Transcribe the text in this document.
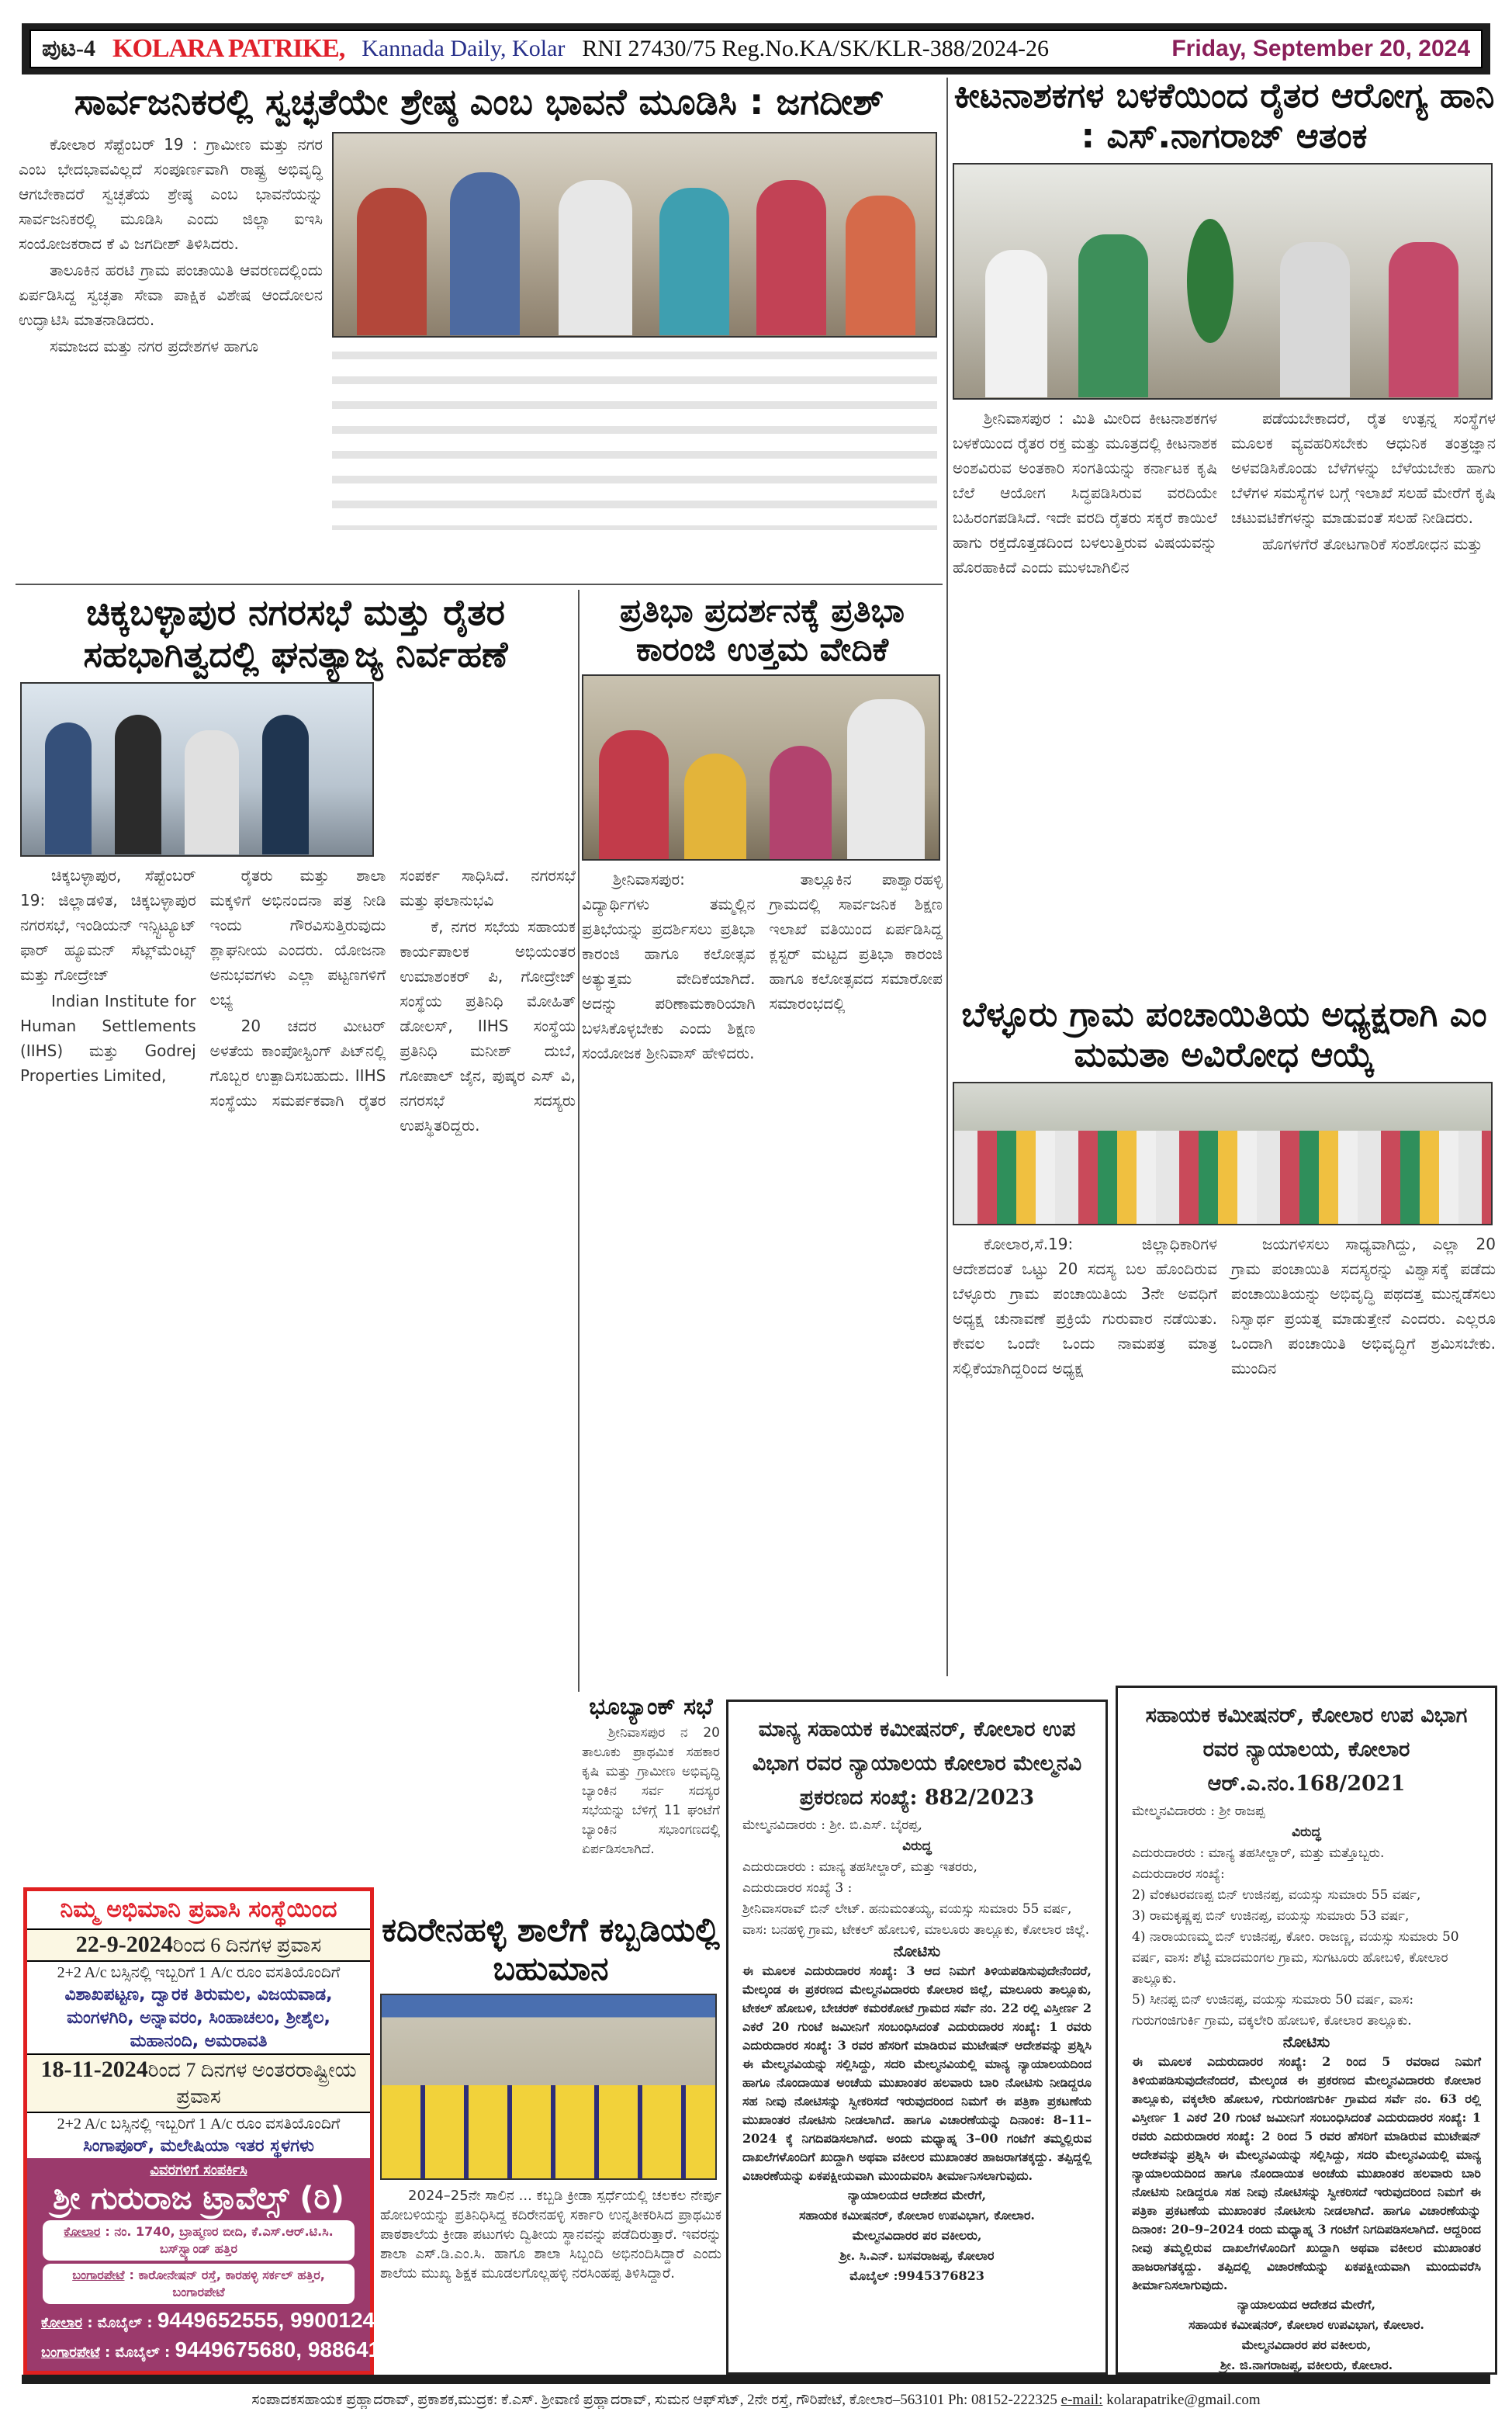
ಪುಟ-4 KOLARA PATRIKE, Kannada Daily, Kolar RNI 27430/75 Reg.No.KA/SK/KLR-388/2024-26	Friday, September 20, 2024
ಸಾರ್ವಜನಿಕರಲ್ಲಿ ಸ್ವಚ್ಛತೆಯೇ ಶ್ರೇಷ್ಠ ಎಂಬ ಭಾವನೆ ಮೂಡಿಸಿ : ಜಗದೀಶ್

ಕೋಲಾರ ಸೆಪ್ಟೆಂಬರ್ 19 : ಗ್ರಾಮೀಣ ಮತ್ತು ನಗರ ಎಂಬ ಭೇದಭಾವವಿಲ್ಲದೆ ಸಂಪೂರ್ಣವಾಗಿ ರಾಷ್ಟ್ರ ಅಭಿವೃದ್ಧಿ ಆಗಬೇಕಾದರೆ ಸ್ವಚ್ಛತೆಯ ಶ್ರೇಷ್ಠ ಎಂಬ ಭಾವನೆಯನ್ನು ಸಾರ್ವಜನಿಕರಲ್ಲಿ ಮೂಡಿಸಿ ಎಂದು ಜಿಲ್ಲಾ ಐಇಸಿ ಸಂಯೋಜಕರಾದ ಕೆ ವಿ ಜಗದೀಶ್ ತಿಳಿಸಿದರು.

ತಾಲೂಕಿನ ಹರಟಿ ಗ್ರಾಮ ಪಂಚಾಯಿತಿ ಆವರಣದಲ್ಲಿಂದು ಏರ್ಪಡಿಸಿದ್ದ ಸ್ವಚ್ಛತಾ ಸೇವಾ ಪಾಕ್ಷಿಕ ವಿಶೇಷ ಆಂದೋಲನ ಉದ್ಘಾಟಿಸಿ ಮಾತನಾಡಿದರು.

ಸಮಾಜದ ಮತ್ತು ನಗರ ಪ್ರದೇಶಗಳ ಹಾಗೂ

ಕೀಟನಾಶಕಗಳ ಬಳಕೆಯಿಂದ ರೈತರ ಆರೋಗ್ಯ ಹಾನಿ : ಎಸ್.ನಾಗರಾಜ್ ಆತಂಕ

ಶ್ರೀನಿವಾಸಪುರ : ಮಿತಿ ಮೀರಿದ ಕೀಟನಾಶಕಗಳ ಬಳಕೆಯಿಂದ ರೈತರ ರಕ್ತ ಮತ್ತು ಮೂತ್ರದಲ್ಲಿ ಕೀಟನಾಶಕ ಅಂಶವಿರುವ ಅಂತಕಾರಿ ಸಂಗತಿಯನ್ನು ಕರ್ನಾಟಕ ಕೃಷಿ ಬೆಲೆ ಆಯೋಗ ಸಿದ್ಧಪಡಿಸಿರುವ ವರದಿಯೇ ಬಹಿರಂಗಪಡಿಸಿದೆ. ಇದೇ ವರದಿ ರೈತರು ಸಕ್ಕರೆ ಕಾಯಿಲೆ ಹಾಗು ರಕ್ತದೊತ್ತಡದಿಂದ ಬಳಲುತ್ತಿರುವ ವಿಷಯವನ್ನು ಹೊರಹಾಕಿದೆ ಎಂದು ಮುಳಬಾಗಿಲಿನ

ಪಡೆಯಬೇಕಾದರೆ, ರೈತ ಉತ್ಪನ್ನ ಸಂಸ್ಥೆಗಳ ಮೂಲಕ ವ್ಯವಹರಿಸಬೇಕು ಆಧುನಿಕ ತಂತ್ರಜ್ಞಾನ ಅಳವಡಿಸಿಕೊಂಡು ಬೆಳೆಗಳನ್ನು ಬೆಳೆಯಬೇಕು ಹಾಗು ಬೆಳೆಗಳ ಸಮಸ್ಯೆಗಳ ಬಗ್ಗೆ ಇಲಾಖೆ ಸಲಹೆ ಮೇರೆಗೆ ಕೃಷಿ ಚಟುವಟಿಕೆಗಳನ್ನು ಮಾಡುವಂತೆ ಸಲಹೆ ನೀಡಿದರು.

ಹೊಗಳಗೆರೆ ತೋಟಗಾರಿಕೆ ಸಂಶೋಧನ ಮತ್ತು

ಚಿಕ್ಕಬಳ್ಳಾಪುರ ನಗರಸಭೆ ಮತ್ತು ರೈತರ ಸಹಭಾಗಿತ್ವದಲ್ಲಿ ಘನತ್ಯಾಜ್ಯ ನಿರ್ವಹಣೆ

ಚಿಕ್ಕಬಳ್ಳಾಪುರ, ಸೆಪ್ಟೆಂಬರ್ 19: ಜಿಲ್ಲಾಡಳಿತ, ಚಿಕ್ಕಬಳ್ಳಾಪುರ ನಗರಸಭೆ, ಇಂಡಿಯನ್ ಇನ್ಸ್ಟಿಟ್ಯೂಟ್ ಫಾರ್ ಹ್ಯೂಮನ್ ಸೆಟ್ಲ್‌ಮೆಂಟ್ಸ್ ಮತ್ತು ಗೋದ್ರೇಜ್

Indian Institute for Human Settlements (IIHS) ಮತ್ತು Godrej Properties Limited,

ರೈತರು ಮತ್ತು ಶಾಲಾ ಮಕ್ಕಳಿಗೆ ಅಭಿನಂದನಾ ಪತ್ರ ನೀಡಿ ಇಂದು ಗೌರವಿಸುತ್ತಿರುವುದು ಶ್ಲಾಘನೀಯ ಎಂದರು. ಯೋಜನಾ ಅನುಭವಗಳು ಎಲ್ಲಾ ಪಟ್ಟಣಗಳಿಗೆ ಲಭ್ಯ

20 ಚದರ ಮೀಟರ್ ಅಳತೆಯ ಕಾಂಪೋಸ್ಟಿಂಗ್ ಪಿಟ್‌ನಲ್ಲಿ ಗೊಬ್ಬರ ಉತ್ಪಾದಿಸಬಹುದು. IIHS ಸಂಸ್ಥೆಯು ಸಮರ್ಪಕವಾಗಿ ರೈತರ ಸಂಪರ್ಕ ಸಾಧಿಸಿದೆ. ನಗರಸಭೆ ಮತ್ತು ಫಲಾನುಭವಿ

ಕೆ, ನಗರ ಸಭೆಯ ಸಹಾಯಕ ಕಾರ್ಯಪಾಲಕ ಅಭಿಯಂತರ ಉಮಾಶಂಕರ್ ಪಿ, ಗೋದ್ರೇಜ್ ಸಂಸ್ಥೆಯ ಪ್ರತಿನಿಧಿ ಮೋಹಿತ್ ಡೋಲಸ್, IIHS ಸಂಸ್ಥೆಯ ಪ್ರತಿನಿಧಿ ಮನೀಶ್ ದುಬೆ, ಗೋಪಾಲ್ ಜೈನ, ಪುಷ್ಕರ ಎಸ್ ವಿ, ನಗರಸಭೆ ಸದಸ್ಯರು ಉಪಸ್ಥಿತರಿದ್ದರು.

ಪ್ರತಿಭಾ ಪ್ರದರ್ಶನಕ್ಕೆ ಪ್ರತಿಭಾ ಕಾರಂಜಿ ಉತ್ತಮ ವೇದಿಕೆ

ಶ್ರೀನಿವಾಸಪುರ: ವಿದ್ಯಾರ್ಥಿಗಳು ತಮ್ಮಲ್ಲಿನ ಪ್ರತಿಭೆಯನ್ನು ಪ್ರದರ್ಶಿಸಲು ಪ್ರತಿಭಾ ಕಾರಂಜಿ ಹಾಗೂ ಕಲೋತ್ಸವ ಅತ್ಯುತ್ತಮ ವೇದಿಕೆಯಾಗಿದೆ. ಅದನ್ನು ಪರಿಣಾಮಕಾರಿಯಾಗಿ ಬಳಸಿಕೊಳ್ಳಬೇಕು ಎಂದು ಶಿಕ್ಷಣ ಸಂಯೋಜಕ ಶ್ರೀನಿವಾಸ್ ಹೇಳಿದರು.

ತಾಲ್ಲೂಕಿನ ಪಾಶ್ವಾರಹಳ್ಳಿ ಗ್ರಾಮದಲ್ಲಿ ಸಾರ್ವಜನಿಕ ಶಿಕ್ಷಣ ಇಲಾಖೆ ವತಿಯಿಂದ ಏರ್ಪಡಿಸಿದ್ದ ಕ್ಲಸ್ಟರ್ ಮಟ್ಟದ ಪ್ರತಿಭಾ ಕಾರಂಜಿ ಹಾಗೂ ಕಲೋತ್ಸವದ ಸಮಾರೋಪ ಸಮಾರಂಭದಲ್ಲಿ	ಬೆಳ್ಳೂರು ಗ್ರಾಮ ಪಂಚಾಯಿತಿಯ ಅಧ್ಯಕ್ಷರಾಗಿ ಎಂ ಮಮತಾ ಅವಿರೋಧ ಆಯ್ಕೆ

ಕೋಲಾರ,ಸೆ.19: ಜಿಲ್ಲಾಧಿಕಾರಿಗಳ ಆದೇಶದಂತೆ ಒಟ್ಟು 20 ಸದಸ್ಯ ಬಲ ಹೊಂದಿರುವ ಬೆಳ್ಳೂರು ಗ್ರಾಮ ಪಂಚಾಯಿತಿಯ 3ನೇ ಅವಧಿಗೆ ಅಧ್ಯಕ್ಷ ಚುನಾವಣೆ ಪ್ರಕ್ರಿಯೆ ಗುರುವಾರ ನಡೆಯಿತು. ಕೇವಲ ಒಂದೇ ಒಂದು ನಾಮಪತ್ರ ಮಾತ್ರ ಸಲ್ಲಿಕೆಯಾಗಿದ್ದರಿಂದ ಅಧ್ಯಕ್ಷ

ಜಯಗಳಿಸಲು ಸಾಧ್ಯವಾಗಿದ್ದು, ಎಲ್ಲಾ 20 ಗ್ರಾಮ ಪಂಚಾಯಿತಿ ಸದಸ್ಯರನ್ನು ವಿಶ್ವಾಸಕ್ಕೆ ಪಡೆದು ಪಂಚಾಯಿತಿಯನ್ನು ಅಭಿವೃದ್ಧಿ ಪಥದತ್ತ ಮುನ್ನಡೆಸಲು ನಿಸ್ವಾರ್ಥ ಪ್ರಯತ್ನ ಮಾಡುತ್ತೇನೆ ಎಂದರು. ಎಲ್ಲರೂ ಒಂದಾಗಿ ಪಂಚಾಯಿತಿ ಅಭಿವೃದ್ಧಿಗೆ ಶ್ರಮಿಸಬೇಕು. ಮುಂದಿನ

ಭೂಬ್ಯಾಂಕ್ ಸಭೆ

ಶ್ರೀನಿವಾಸಪುರ ನ 20 ತಾಲೂಕು ಪ್ರಾಥಮಿಕ ಸಹಕಾರ ಕೃಷಿ ಮತ್ತು ಗ್ರಾಮೀಣ ಅಭಿವೃದ್ಧಿ ಬ್ಯಾಂಕಿನ ಸರ್ವ ಸದಸ್ಯರ ಸಭೆಯನ್ನು ಬೆಳಿಗ್ಗೆ 11 ಘಂಟೆಗೆ ಬ್ಯಾಂಕಿನ ಸಭಾಂಗಣದಲ್ಲಿ ಏರ್ಪಡಿಸಲಾಗಿದೆ.

ನಿಮ್ಮ ಅಭಿಮಾನಿ ಪ್ರವಾಸಿ ಸಂಸ್ಥೆಯಿಂದ
22-9-2024ರಿಂದ 6 ದಿನಗಳ ಪ್ರವಾಸ
2+2 A/c ಬಸ್ಸಿನಲ್ಲಿ ಇಬ್ಬರಿಗೆ 1 A/c ರೂಂ ವಸತಿಯೊಂದಿಗೆ
ವಿಶಾಖಪಟ್ಟಣ, ದ್ವಾರಕ ತಿರುಮಲ, ವಿಜಯವಾಡ, ಮಂಗಳಗಿರಿ, ಅನ್ನಾವರಂ, ಸಿಂಹಾಚಲಂ, ಶ್ರೀಶೈಲ, ಮಹಾನಂದಿ, ಅಮರಾವತಿ
18-11-2024ರಿಂದ 7 ದಿನಗಳ ಅಂತರರಾಷ್ಟ್ರೀಯ ಪ್ರವಾಸ
2+2 A/c ಬಸ್ಸಿನಲ್ಲಿ ಇಬ್ಬರಿಗೆ 1 A/c ರೂಂ ವಸತಿಯೊಂದಿಗೆ
ಸಿಂಗಾಪೂರ್, ಮಲೇಷಿಯಾ ಇತರ ಸ್ಥಳಗಳು
ವಿವರಗಳಿಗೆ ಸಂಪರ್ಕಿಸಿ
ಶ್ರೀ ಗುರುರಾಜ ಟ್ರಾವೆಲ್ಸ್ (ರಿ)
ಕೋಲಾರ : ನಂ. 1740, ಬ್ರಾಹ್ಮಣರ ಬೀದಿ, ಕೆ.ಎಸ್.ಆರ್.ಟಿ.ಸಿ. ಬಸ್‌ಸ್ಟ್ಯಾಂಡ್ ಹತ್ತಿರ
ಬಂಗಾರಪೇಟೆ : ಕಾರೋನೇಷನ್ ರಸ್ತೆ, ಕಾರಹಳ್ಳಿ ಸರ್ಕಲ್ ಹತ್ತಿರ, ಬಂಗಾರಪೇಟೆ
ಕೋಲಾರ : ಮೊಬೈಲ್ : 9449652555, 9900124333
ಬಂಗಾರಪೇಟೆ : ಮೊಬೈಲ್ : 9449675680, 9886419866
ಕದಿರೇನಹಳ್ಳಿ ಶಾಲೆಗೆ ಕಬ್ಬಡಿಯಲ್ಲಿ ಬಹುಮಾನ

2024–25ನೇ ಸಾಲಿನ ... ಕಬ್ಬಡಿ ಕ್ರೀಡಾ ಸ್ಪರ್ಧೆಯಲ್ಲಿ ಚಲಕಲ ನೇರ್ಪು ಹೋಬಳಿಯನ್ನು ಪ್ರತಿನಿಧಿಸಿದ್ದ ಕದಿರೇನಹಳ್ಳಿ ಸರ್ಕಾರಿ ಉನ್ನತೀಕರಿಸಿದ ಪ್ರಾಥಮಿಕ ಪಾಠಶಾಲೆಯ ಕ್ರೀಡಾ ಪಟುಗಳು ದ್ವಿತೀಯ ಸ್ಥಾನವನ್ನು ಪಡೆದಿರುತ್ತಾರೆ. ಇವರನ್ನು ಶಾಲಾ ಎಸ್.ಡಿ.ಎಂ.ಸಿ. ಹಾಗೂ ಶಾಲಾ ಸಿಬ್ಬಂದಿ ಅಭಿನಂದಿಸಿದ್ದಾರೆ ಎಂದು ಶಾಲೆಯ ಮುಖ್ಯ ಶಿಕ್ಷಕ ಮೂಡಲಗೊಲ್ಲಹಳ್ಳಿ ನರಸಿಂಹಪ್ಪ ತಿಳಿಸಿದ್ದಾರೆ.

ಮಾನ್ಯ ಸಹಾಯಕ ಕಮೀಷನರ್, ಕೋಲಾರ ಉಪ ವಿಭಾಗ ರವರ ನ್ಯಾಯಾಲಯ ಕೋಲಾರ ಮೇಲ್ಮನವಿ ಪ್ರಕರಣದ ಸಂಖ್ಯೆ: 882/2023
ಮೇಲ್ಮನವಿದಾರರು : ಶ್ರೀ. ಬಿ.ಎಸ್. ಬೈರಪ್ಪ,
ವಿರುದ್ಧ
ಎದುರುದಾರರು : ಮಾನ್ಯ ತಹಸೀಲ್ದಾರ್, ಮತ್ತು ಇತರರು,
ಎದುರುದಾರರ ಸಂಖ್ಯೆ 3 :
ಶ್ರೀನಿವಾಸರಾವ್ ಬಿನ್ ಲೇಟ್. ಹನುಮಂತಯ್ಯ, ವಯಸ್ಸು ಸುಮಾರು 55 ವರ್ಷ, ವಾಸ: ಬನಹಳ್ಳಿ ಗ್ರಾಮ, ಟೇಕಲ್ ಹೋಬಳಿ, ಮಾಲೂರು ತಾಲ್ಲೂಕು, ಕೋಲಾರ ಜಿಲ್ಲೆ.
ನೋಟಿಸು
ಈ ಮೂಲಕ ಎದುರುದಾರರ ಸಂಖ್ಯೆ: 3 ಆದ ನಿಮಗೆ ತಿಳಿಯಪಡಿಸುವುದೇನೆಂದರೆ, ಮೇಲ್ಕಂಡ ಈ ಪ್ರಕರಣದ ಮೇಲ್ಮನವಿದಾರರು ಕೋಲಾರ ಜಿಲ್ಲೆ, ಮಾಲೂರು ತಾಲ್ಲೂಕು, ಟೇಕಲ್ ಹೋಬಳಿ, ಬೇಚರಕ್ ಕಮರಕೋಟೆ ಗ್ರಾಮದ ಸರ್ವೆ ನಂ. 22 ರಲ್ಲಿ ವಿಸ್ತೀರ್ಣ 2 ಎಕರೆ 20 ಗುಂಟೆ ಜಮೀನಿಗೆ ಸಂಬಂಧಿಸಿದಂತೆ ಎದುರುದಾರರ ಸಂಖ್ಯೆ: 1 ರವರು ಎದುರುದಾರರ ಸಂಖ್ಯೆ: 3 ರವರ ಹೆಸರಿಗೆ ಮಾಡಿರುವ ಮುಟೇಷನ್ ಆದೇಶವನ್ನು ಪ್ರಶ್ನಿಸಿ ಈ ಮೇಲ್ಮನವಿಯನ್ನು ಸಲ್ಲಿಸಿದ್ದು, ಸದರಿ ಮೇಲ್ಮನವಿಯಲ್ಲಿ ಮಾನ್ಯ ನ್ಯಾಯಾಲಯದಿಂದ ಹಾಗೂ ನೊಂದಾಯಿತ ಅಂಚೆಯ ಮುಖಾಂತರ ಹಲವಾರು ಬಾರಿ ನೋಟಿಸು ನೀಡಿದ್ದರೂ ಸಹ ನೀವು ನೋಟಿಸನ್ನು ಸ್ವೀಕರಿಸದೆ ಇರುವುದರಿಂದ ನಿಮಗೆ ಈ ಪತ್ರಿಕಾ ಪ್ರಕಟಣೆಯ ಮುಖಾಂತರ ನೋಟಿಸು ನೀಡಲಾಗಿದೆ. ಹಾಗೂ ವಿಚಾರಣೆಯನ್ನು ದಿನಾಂಕ: 8–11–2024 ಕ್ಕೆ ನಿಗದಿಪಡಿಸಲಾಗಿದೆ. ಅಂದು ಮಧ್ಯಾಹ್ನ 3–00 ಗಂಟೆಗೆ ತಮ್ಮಲ್ಲಿರುವ ದಾಖಲೆಗಳೊಂದಿಗೆ ಖುದ್ದಾಗಿ ಅಥವಾ ವಕೀಲರ ಮುಖಾಂತರ ಹಾಜರಾಗತಕ್ಕದ್ದು. ತಪ್ಪಿದ್ದಲ್ಲಿ ವಿಚಾರಣೆಯನ್ನು ಏಕಪಕ್ಷೀಯವಾಗಿ ಮುಂದುವರಿಸಿ ತೀರ್ಮಾನಿಸಲಾಗುವುದು.
ನ್ಯಾಯಾಲಯದ ಆದೇಶದ ಮೇರೆಗೆ,
ಸಹಾಯಕ ಕಮೀಷನರ್, ಕೋಲಾರ ಉಪವಿಭಾಗ, ಕೋಲಾರ.
ಮೇಲ್ಮನವಿದಾರರ ಪರ ವಕೀಲರು,
ಶ್ರೀ. ಸಿ.ಎನ್. ಬಸವರಾಜಪ್ಪ, ಕೋಲಾರ
ಮೊಬೈಲ್ :9945376823
ಸಹಾಯಕ ಕಮೀಷನರ್, ಕೋಲಾರ ಉಪ ವಿಭಾಗ ರವರ ನ್ಯಾಯಾಲಯ, ಕೋಲಾರ ಆರ್.ಎ.ನಂ.168/2021
ಮೇಲ್ಮನವಿದಾರರು : ಶ್ರೀ ರಾಜಪ್ಪ
ವಿರುದ್ಧ
ಎದುರುದಾರರು : ಮಾನ್ಯ ತಹಸೀಲ್ದಾರ್, ಮತ್ತು ಮತ್ತೊಬ್ಬರು.
ಎದುರುದಾರರ ಸಂಖ್ಯೆ:
2) ವೆಂಕಟರವಣಪ್ಪ ಬಿನ್ ಉಜಿನಪ್ಪ, ವಯಸ್ಸು ಸುಮಾರು 55 ವರ್ಷ,
3) ರಾಮಕೃಷ್ಣಪ್ಪ ಬಿನ್ ಉಜಿನಪ್ಪ, ವಯಸ್ಸು ಸುಮಾರು 53 ವರ್ಷ,
4) ನಾರಾಯಣಮ್ಮ ಬಿನ್ ಉಜಿನಪ್ಪ, ಕೋಂ. ರಾಜಣ್ಣ, ವಯಸ್ಸು ಸುಮಾರು 50 ವರ್ಷ, ವಾಸ: ಶೆಟ್ಟಿ ಮಾದಮಂಗಲ ಗ್ರಾಮ, ಸುಗಟೂರು ಹೋಬಳಿ, ಕೋಲಾರ ತಾಲ್ಲೂಕು.
5) ಸೀನಪ್ಪ ಬಿನ್ ಉಜಿನಪ್ಪ, ವಯಸ್ಸು ಸುಮಾರು 50 ವರ್ಷ, ವಾಸ: ಗುರುಗಂಜಿಗುರ್ಕಿ ಗ್ರಾಮ, ವಕ್ಕಲೇರಿ ಹೋಬಳಿ, ಕೋಲಾರ ತಾಲ್ಲೂಕು.
ನೋಟಿಸು
ಈ ಮೂಲಕ ಎದುರುದಾರರ ಸಂಖ್ಯೆ: 2 ರಿಂದ 5 ರವರಾದ ನಿಮಗೆ ತಿಳಿಯಪಡಿಸುವುದೇನೆಂದರೆ, ಮೇಲ್ಕಂಡ ಈ ಪ್ರಕರಣದ ಮೇಲ್ಮನವಿದಾರರು ಕೋಲಾರ ತಾಲ್ಲೂಕು, ವಕ್ಕಲೇರಿ ಹೋಬಳಿ, ಗುರುಗಂಜಿಗುರ್ಕಿ ಗ್ರಾಮದ ಸರ್ವೆ ನಂ. 63 ರಲ್ಲಿ ವಿಸ್ತೀರ್ಣ 1 ಎಕರೆ 20 ಗುಂಟೆ ಜಮೀನಿಗೆ ಸಂಬಂಧಿಸಿದಂತೆ ಎದುರುದಾರರ ಸಂಖ್ಯೆ: 1 ರವರು ಎದುರುದಾರರ ಸಂಖ್ಯೆ: 2 ರಿಂದ 5 ರವರ ಹೆಸರಿಗೆ ಮಾಡಿರುವ ಮುಟೇಷನ್ ಆದೇಶವನ್ನು ಪ್ರಶ್ನಿಸಿ ಈ ಮೇಲ್ಮನವಿಯನ್ನು ಸಲ್ಲಿಸಿದ್ದು, ಸದರಿ ಮೇಲ್ಮನವಿಯಲ್ಲಿ ಮಾನ್ಯ ನ್ಯಾಯಾಲಯದಿಂದ ಹಾಗೂ ನೊಂದಾಯಿತ ಅಂಚೆಯ ಮುಖಾಂತರ ಹಲವಾರು ಬಾರಿ ನೋಟಿಸು ನೀಡಿದ್ದರೂ ಸಹ ನೀವು ನೋಟಿಸನ್ನು ಸ್ವೀಕರಿಸದೆ ಇರುವುದರಿಂದ ನಿಮಗೆ ಈ ಪತ್ರಿಕಾ ಪ್ರಕಟಣೆಯ ಮುಖಾಂತರ ನೋಟೀಸು ನೀಡಲಾಗಿದೆ. ಹಾಗೂ ವಿಚಾರಣೆಯನ್ನು ದಿನಾಂಕ: 20–9–2024 ರಂದು ಮಧ್ಯಾಹ್ನ 3 ಗಂಟೆಗೆ ನಿಗದಿಪಡಿಸಲಾಗಿದೆ. ಆದ್ದರಿಂದ ನೀವು ತಮ್ಮಲ್ಲಿರುವ ದಾಖಲೆಗಳೊಂದಿಗೆ ಖುದ್ದಾಗಿ ಅಥವಾ ವಕೀಲರ ಮುಖಾಂತರ ಹಾಜರಾಗತಕ್ಕದ್ದು. ತಪ್ಪಿದಲ್ಲಿ ವಿಚಾರಣೆಯನ್ನು ಏಕಪಕ್ಷೀಯವಾಗಿ ಮುಂದುವರೆಸಿ ತೀರ್ಮಾನಿಸಲಾಗುವುದು.
ನ್ಯಾಯಾಲಯದ ಆದೇಶದ ಮೇರೆಗೆ,
ಸಹಾಯಕ ಕಮೀಷನರ್, ಕೋಲಾರ ಉಪವಿಭಾಗ, ಕೋಲಾರ.
ಮೇಲ್ಮನವಿದಾರರ ಪರ ವಕೀಲರು,
ಶ್ರೀ. ಜಿ.ನಾಗರಾಜಪ್ಪ, ವಕೀಲರು, ಕೋಲಾರ.
ಸಂಪಾದಕಸಹಾಯಕ ಪ್ರಹ್ಲಾದರಾವ್, ಪ್ರಕಾಶಕ,ಮುದ್ರಕ: ಕೆ.ಎಸ್. ಶ್ರೀವಾಣಿ ಪ್ರಹ್ಲಾದರಾವ್, ಸುಮನ ಆಫ್‌ಸೆಟ್, 2ನೇ ರಸ್ತೆ, ಗೌರಿಪೇಟೆ, ಕೋಲಾರ–563101 Ph: 08152-222325 e-mail: kolarapatrike@gmail.com
